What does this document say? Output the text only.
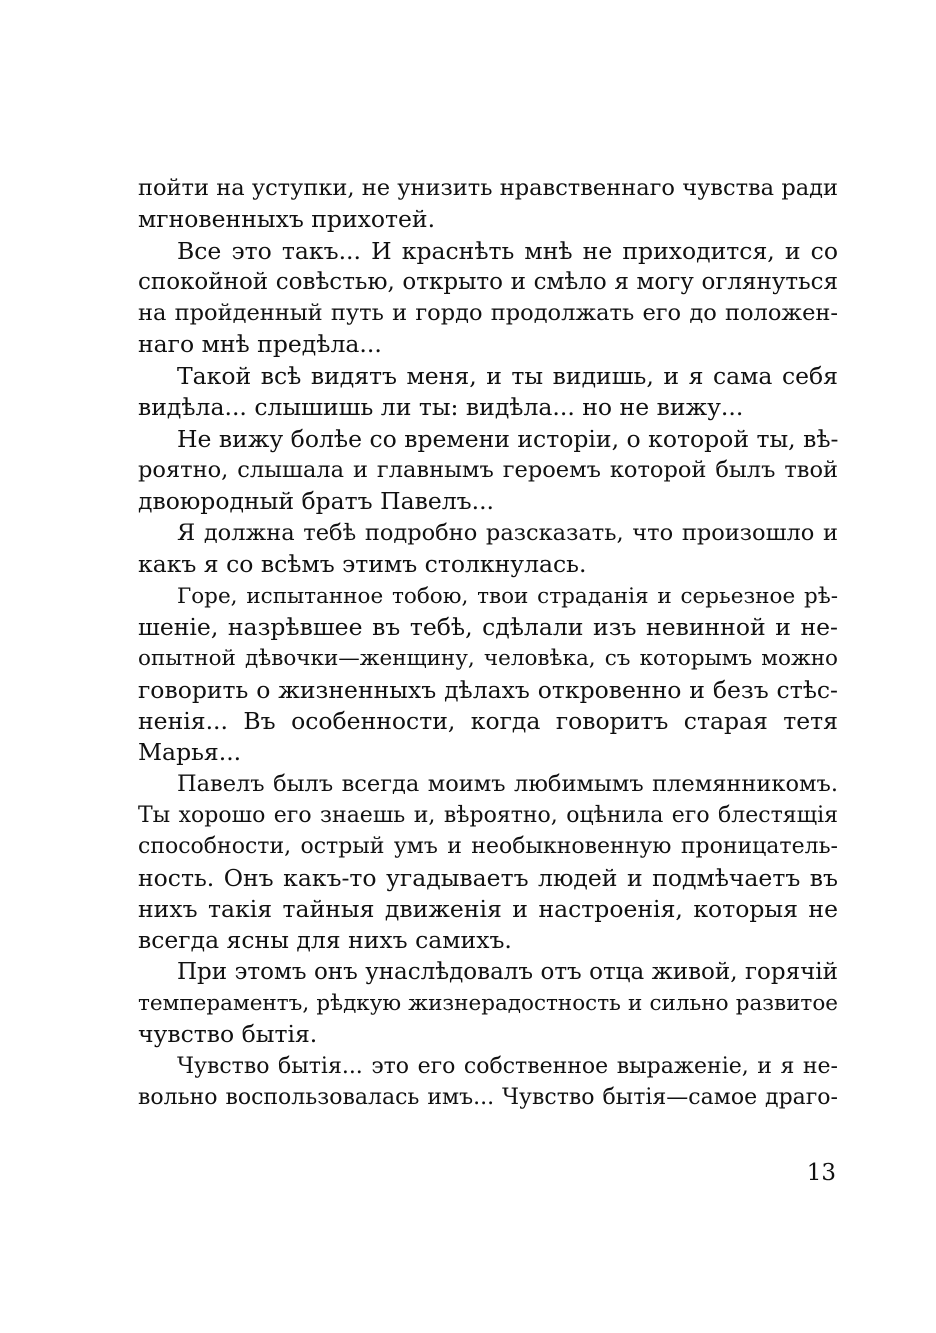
пойти на уступки, не унизить нравственнаго чувства ради
мгновенныхъ прихотей.
Все это такъ... И краснѣть мнѣ не приходится, и со
спокойной совѣстью, открыто и смѣло я могу оглянуться
на пройденный путь и гордо продолжать его до положен-
наго мнѣ предѣла...
Такой всѣ видятъ меня, и ты видишь, и я сама себя
видѣла... слышишь ли ты: видѣла... но не вижу...
Не вижу болѣе со времени исторіи, о которой ты, вѣ-
роятно, слышала и главнымъ героемъ которой былъ твой
двоюродный братъ Павелъ...
Я должна тебѣ подробно разсказать, что произошло и
какъ я со всѣмъ этимъ столкнулась.
Горе, испытанное тобою, твои страданія и серьезное рѣ-
шеніе, назрѣвшее въ тебѣ, сдѣлали изъ невинной и не-
опытной дѣвочки—женщину, человѣка, съ которымъ можно
говорить о жизненныхъ дѣлахъ откровенно и безъ стѣс-
ненія... Въ особенности, когда говоритъ старая тетя
Марья...
Павелъ былъ всегда моимъ любимымъ племянникомъ.
Ты хорошо его знаешь и, вѣроятно, оцѣнила его блестящія
способности, острый умъ и необыкновенную проницатель-
ность. Онъ какъ-то угадываетъ людей и подмѣчаетъ въ
нихъ такія тайныя движенія и настроенія, которыя не
всегда ясны для нихъ самихъ.
При этомъ онъ унаслѣдовалъ отъ отца живой, горячій
темпераментъ, рѣдкую жизнерадостность и сильно развитое
чувство бытія.
Чувство бытія... это его собственное выраженіе, и я не-
вольно воспользовалась имъ... Чувство бытія—самое драго-
13
